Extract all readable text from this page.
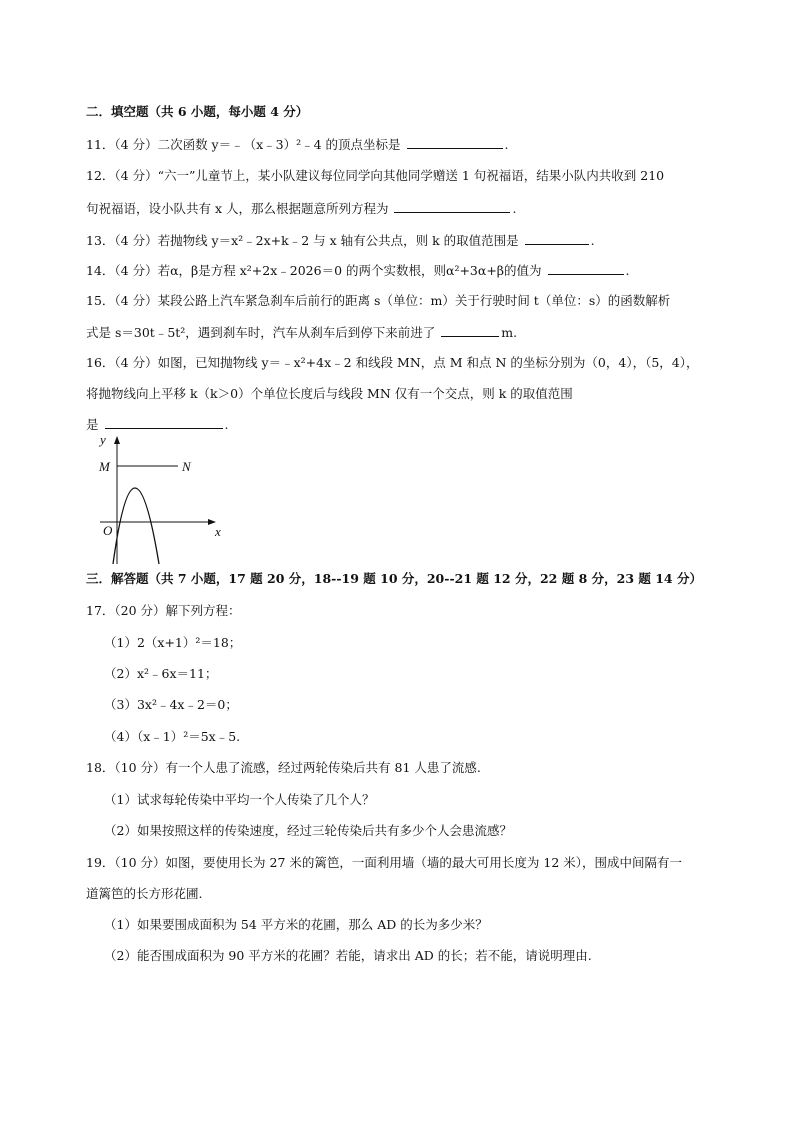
二．填空题（共 6 小题，每小题 4 分）
11．（4 分）二次函数 y＝﹣（x﹣3）²﹣4 的顶点坐标是	.
12．（4 分）“六一”儿童节上，某小队建议每位同学向其他同学赠送 1 句祝福语，结果小队内共收到 210
句祝福语，设小队共有 x 人，那么根据题意所列方程为	.
13．（4 分）若抛物线 y＝x²﹣2x+k﹣2 与 x 轴有公共点，则 k 的取值范围是	.
14．（4 分）若α，β是方程 x²+2x﹣2026＝0 的两个实数根，则α²+3α+β的值为	.
15．（4 分）某段公路上汽车紧急刹车后前行的距离 s（单位：m）关于行驶时间 t（单位：s）的函数解析
式是 s＝30t﹣5t²，遇到刹车时，汽车从刹车后到停下来前进了	m.
16．（4 分）如图，已知抛物线 y＝﹣x²+4x﹣2 和线段 MN，点 M 和点 N 的坐标分别为（0，4），（5，4），
将抛物线向上平移 k（k＞0）个单位长度后与线段 MN 仅有一个交点，则 k 的取值范围
是	.
y
x
O
M	N
三．解答题（共 7 小题，17 题 20 分，18--19 题 10 分，20--21 题 12 分，22 题 8 分，23 题 14 分）
17．（20 分）解下列方程：
（1）2（x+1）²＝18；
（2）x²﹣6x＝11；
（3）3x²﹣4x﹣2＝0；
（4）（x﹣1）²＝5x﹣5.
18．（10 分）有一个人患了流感，经过两轮传染后共有 81 人患了流感.
（1）试求每轮传染中平均一个人传染了几个人？
（2）如果按照这样的传染速度，经过三轮传染后共有多少个人会患流感？
19．（10 分）如图，要使用长为 27 米的篱笆，一面利用墙（墙的最大可用长度为 12 米），围成中间隔有一
道篱笆的长方形花圃.
（1）如果要围成面积为 54 平方米的花圃，那么 AD 的长为多少米？
（2）能否围成面积为 90 平方米的花圃？若能，请求出 AD 的长；若不能，请说明理由.
